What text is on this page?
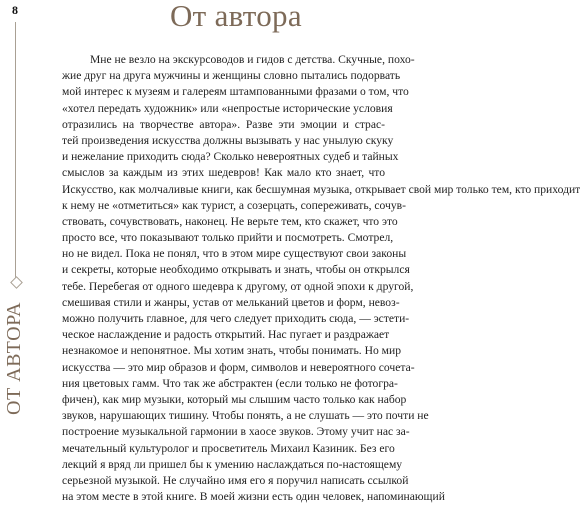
8
ОТ АВТОРА
От автора
Мне не везло на экскурсоводов и гидов с детства. Скучные, похо-
жие друг на друга мужчины и женщины словно пытались подорвать
мой интерес к музеям и галереям штампованными фразами о том, что
«хотел передать художник» или «непростые исторические условия
отразились на творчестве автора». Разве эти эмоции и страс-
тей произведения искусства должны вызывать у нас унылую скуку
и нежелание приходить сюда? Сколько невероятных судеб и тайных
смыслов за каждым из этих шедевров! Как мало кто знает, что
Искусство, как молчаливые книги, как бесшумная музыка, открывает свой мир только тем, кто приходит
к нему не «отметиться» как турист, а созерцать, сопереживать, сочув-
ствовать, сочувствовать, наконец. Не верьте тем, кто скажет, что это
просто все, что показывают только прийти и посмотреть. Смотрел,
но не видел. Пока не понял, что в этом мире существуют свои законы
и секреты, которые необходимо открывать и знать, чтобы он открылся
тебе. Перебегая от одного шедевра к другому, от одной эпохи к другой,
смешивая стили и жанры, устав от мельканий цветов и форм, невоз-
можно получить главное, для чего следует приходить сюда, — эстети-
ческое наслаждение и радость открытий. Нас пугает и раздражает
незнакомое и непонятное. Мы хотим знать, чтобы понимать. Но мир
искусства — это мир образов и форм, символов и невероятного сочета-
ния цветовых гамм. Что так же абстрактен (если только не фотогра-
фичен), как мир музыки, который мы слышим часто только как набор
звуков, нарушающих тишину. Чтобы понять, а не слушать — это почти не
построение музыкальной гармонии в хаосе звуков. Этому учит нас за-
мечательный культуролог и просветитель Михаил Казиник. Без его
лекций я вряд ли пришел бы к умению наслаждаться по-настоящему
серьезной музыкой. Не случайно имя его я поручил написать ссылкой
на этом месте в этой книге. В моей жизни есть один человек, напоминающий
